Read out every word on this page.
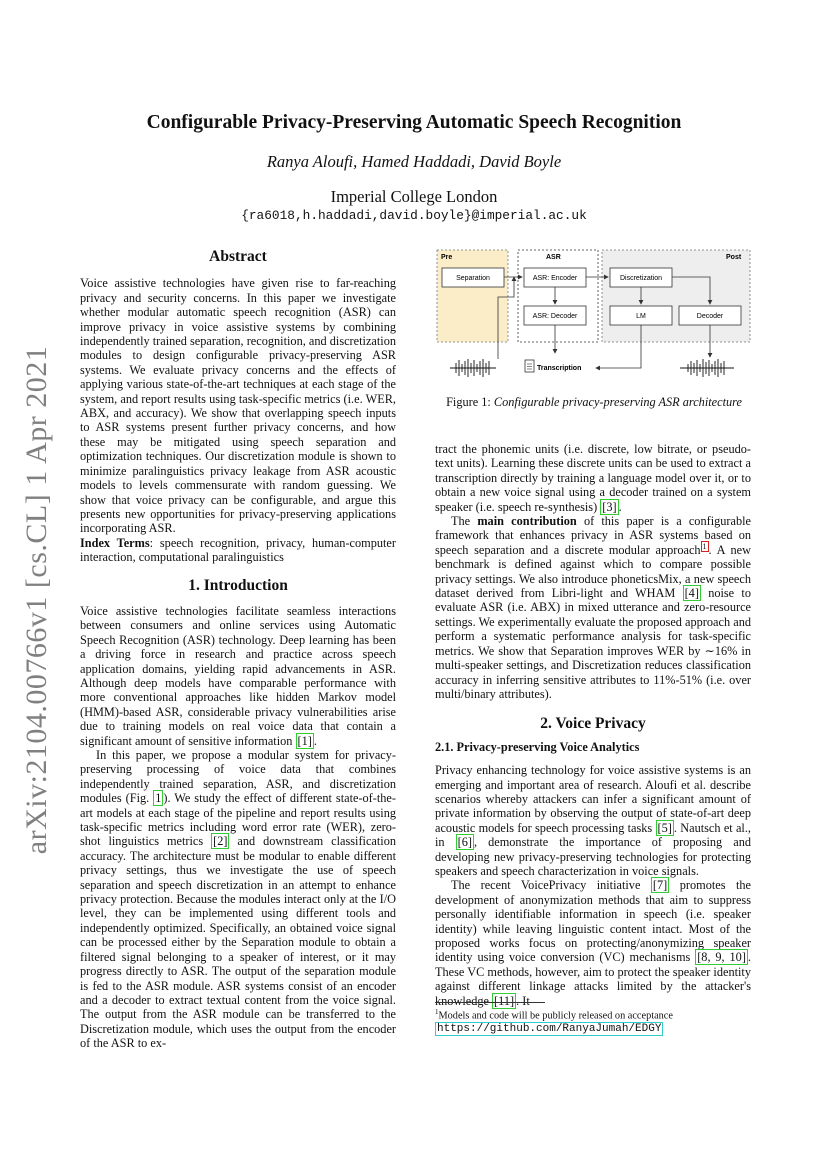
arXiv:2104.00766v1 [cs.CL] 1 Apr 2021
Configurable Privacy-Preserving Automatic Speech Recognition
Ranya Aloufi, Hamed Haddadi, David Boyle
Imperial College London
{ra6018,h.haddadi,david.boyle}@imperial.ac.uk
Abstract

Voice assistive technologies have given rise to far-reaching privacy and security concerns. In this paper we investigate whether modular automatic speech recognition (ASR) can improve privacy in voice assistive systems by combining independently trained separation, recognition, and discretization modules to design configurable privacy-preserving ASR systems. We evaluate privacy concerns and the effects of applying various state-of-the-art techniques at each stage of the system, and report results using task-specific metrics (i.e. WER, ABX, and accuracy). We show that overlapping speech inputs to ASR systems present further privacy concerns, and how these may be mitigated using speech separation and optimization techniques. Our discretization module is shown to minimize paralinguistics privacy leakage from ASR acoustic models to levels commensurate with random guessing. We show that voice privacy can be configurable, and argue this presents new opportunities for privacy-preserving applications incorporating ASR.

Index Terms: speech recognition, privacy, human-computer interaction, computational paralinguistics

1. Introduction

Voice assistive technologies facilitate seamless interactions between consumers and online services using Automatic Speech Recognition (ASR) technology. Deep learning has been a driving force in research and practice across speech application domains, yielding rapid advancements in ASR. Although deep models have comparable performance with more conventional approaches like hidden Markov model (HMM)-based ASR, considerable privacy vulnerabilities arise due to training models on real voice data that contain a significant amount of sensitive information [1] .

In this paper, we propose a modular system for privacy-preserving processing of voice data that combines independently trained separation, ASR, and discretization modules (Fig. 1 ). We study the effect of different state-of-the-art models at each stage of the pipeline and report results using task-specific metrics including word error rate (WER), zero-shot linguistics metrics [2] and downstream classification accuracy. The architecture must be modular to enable different privacy settings, thus we investigate the use of speech separation and speech discretization in an attempt to enhance privacy protection. Because the modules interact only at the I/O level, they can be implemented using different tools and independently optimized. Specifically, an obtained voice signal can be processed either by the Separation module to obtain a filtered signal belonging to a speaker of interest, or it may progress directly to ASR. The output of the separation module is fed to the ASR module. ASR systems consist of an encoder and a decoder to extract textual content from the voice signal. The output from the ASR module can be transferred to the Discretization module, which uses the output from the encoder of the ASR to ex-

Pre	ASR	Post
Separation	ASR: Encoder
ASR: Decoder
Discretization
LM	Decoder
Transcription
Figure 1: Configurable privacy-preserving ASR architecture

tract the phonemic units (i.e. discrete, low bitrate, or pseudo-text units). Learning these discrete units can be used to extract a transcription directly by training a language model over it, or to obtain a new voice signal using a decoder trained on a system speaker (i.e. speech re-synthesis) [3] .

The main contribution of this paper is a configurable framework that enhances privacy in ASR systems based on speech separation and a discrete modular approach $^1$ . A new benchmark is defined against which to compare possible privacy settings. We also introduce phoneticsMix, a new speech dataset derived from Libri-light and WHAM [4] noise to evaluate ASR (i.e. ABX) in mixed utterance and zero-resource settings. We experimentally evaluate the proposed approach and perform a systematic performance analysis for task-specific metrics. We show that Separation improves WER by ∼16% in multi-speaker settings, and Discretization reduces classification accuracy in inferring sensitive attributes to 11%-51% (i.e. over multi/binary attributes).

2. Voice Privacy
2.1. Privacy-preserving Voice Analytics

Privacy enhancing technology for voice assistive systems is an emerging and important area of research. Aloufi et al. describe scenarios whereby attackers can infer a significant amount of private information by observing the output of state-of-art deep acoustic models for speech processing tasks [5] . Nautsch et al., in [6] , demonstrate the importance of proposing and developing new privacy-preserving technologies for protecting speakers and speech characterization in voice signals.

The recent VoicePrivacy initiative [7] promotes the development of anonymization methods that aim to suppress personally identifiable information in speech (i.e. speaker identity) while leaving linguistic content intact. Most of the proposed works focus on protecting/anonymizing speaker identity using voice conversion (VC) mechanisms [8, 9, 10] . These VC methods, however, aim to protect the speaker identity against different linkage attacks limited by the attacker's knowledge [11] . It

$^1$Models and code will be publicly released on acceptance https://github.com/RanyaJumah/EDGY
